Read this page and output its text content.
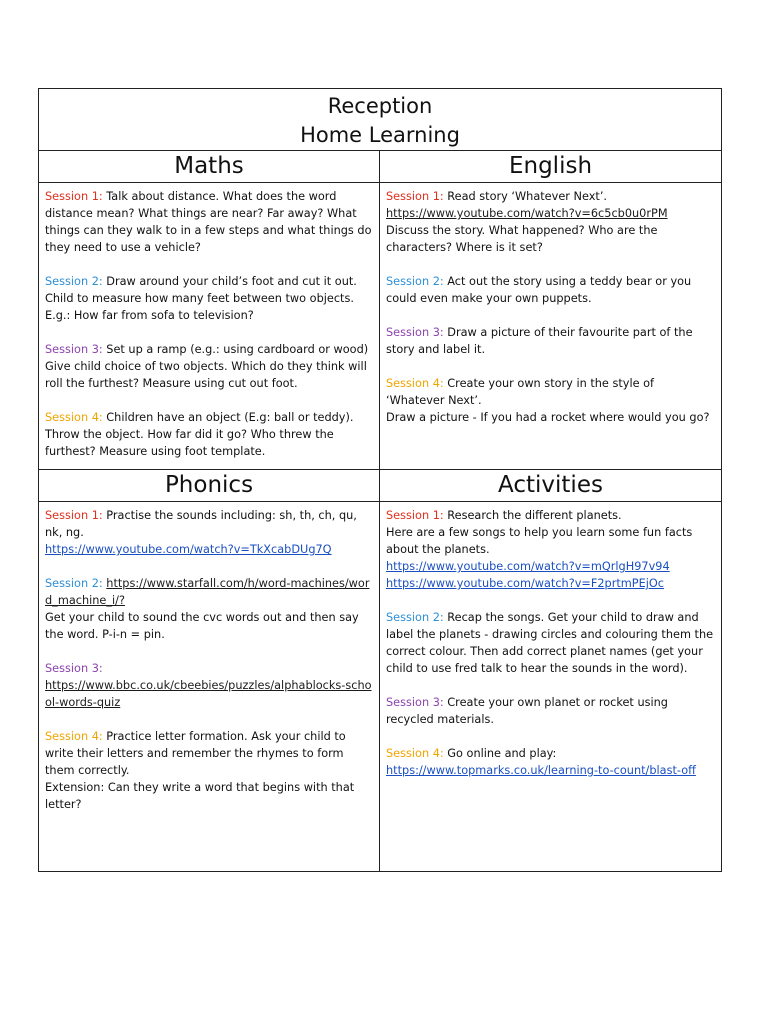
Reception
Home Learning
Maths	English

Session 1: Talk about distance. What does the word distance mean? What things are near? Far away? What things can they walk to in a few steps and what things do they need to use a vehicle?

Session 2: Draw around your child’s foot and cut it out. Child to measure how many feet between two objects. E.g.: How far from sofa to television?

Session 3: Set up a ramp (e.g.: using cardboard or wood) Give child choice of two objects. Which do they think will roll the furthest? Measure using cut out foot.

Session 4: Children have an object (E.g: ball or teddy). Throw the object. How far did it go? Who threw the furthest? Measure using foot template.

Session 1: Read story ‘Whatever Next’.

https://www.youtube.com/watch?v=6c5cb0u0rPM

Discuss the story. What happened? Who are the characters? Where is it set?

Session 2: Act out the story using a teddy bear or you could even make your own puppets.

Session 3: Draw a picture of their favourite part of the story and label it.

Session 4: Create your own story in the style of ‘Whatever Next’.

Draw a picture - If you had a rocket where would you go?

Phonics	Activities

Session 1: Practise the sounds including: sh, th, ch, qu, nk, ng.

https://www.youtube.com/watch?v=TkXcabDUg7Q

Session 2: https://www.starfall.com/h/word-machines/word_machine_i/?

Get your child to sound the cvc words out and then say the word. P-i-n = pin.

Session 3:

https://www.bbc.co.uk/cbeebies/puzzles/alphablocks-school-words-quiz

Session 4: Practice letter formation. Ask your child to write their letters and remember the rhymes to form them correctly.

Extension: Can they write a word that begins with that letter?

Session 1: Research the different planets.

Here are a few songs to help you learn some fun facts about the planets.

https://www.youtube.com/watch?v=mQrlgH97v94

https://www.youtube.com/watch?v=F2prtmPEjOc

Session 2: Recap the songs. Get your child to draw and label the planets - drawing circles and colouring them the correct colour. Then add correct planet names (get your child to use fred talk to hear the sounds in the word).

Session 3: Create your own planet or rocket using recycled materials.

Session 4: Go online and play:

https://www.topmarks.co.uk/learning-to-count/blast-off
